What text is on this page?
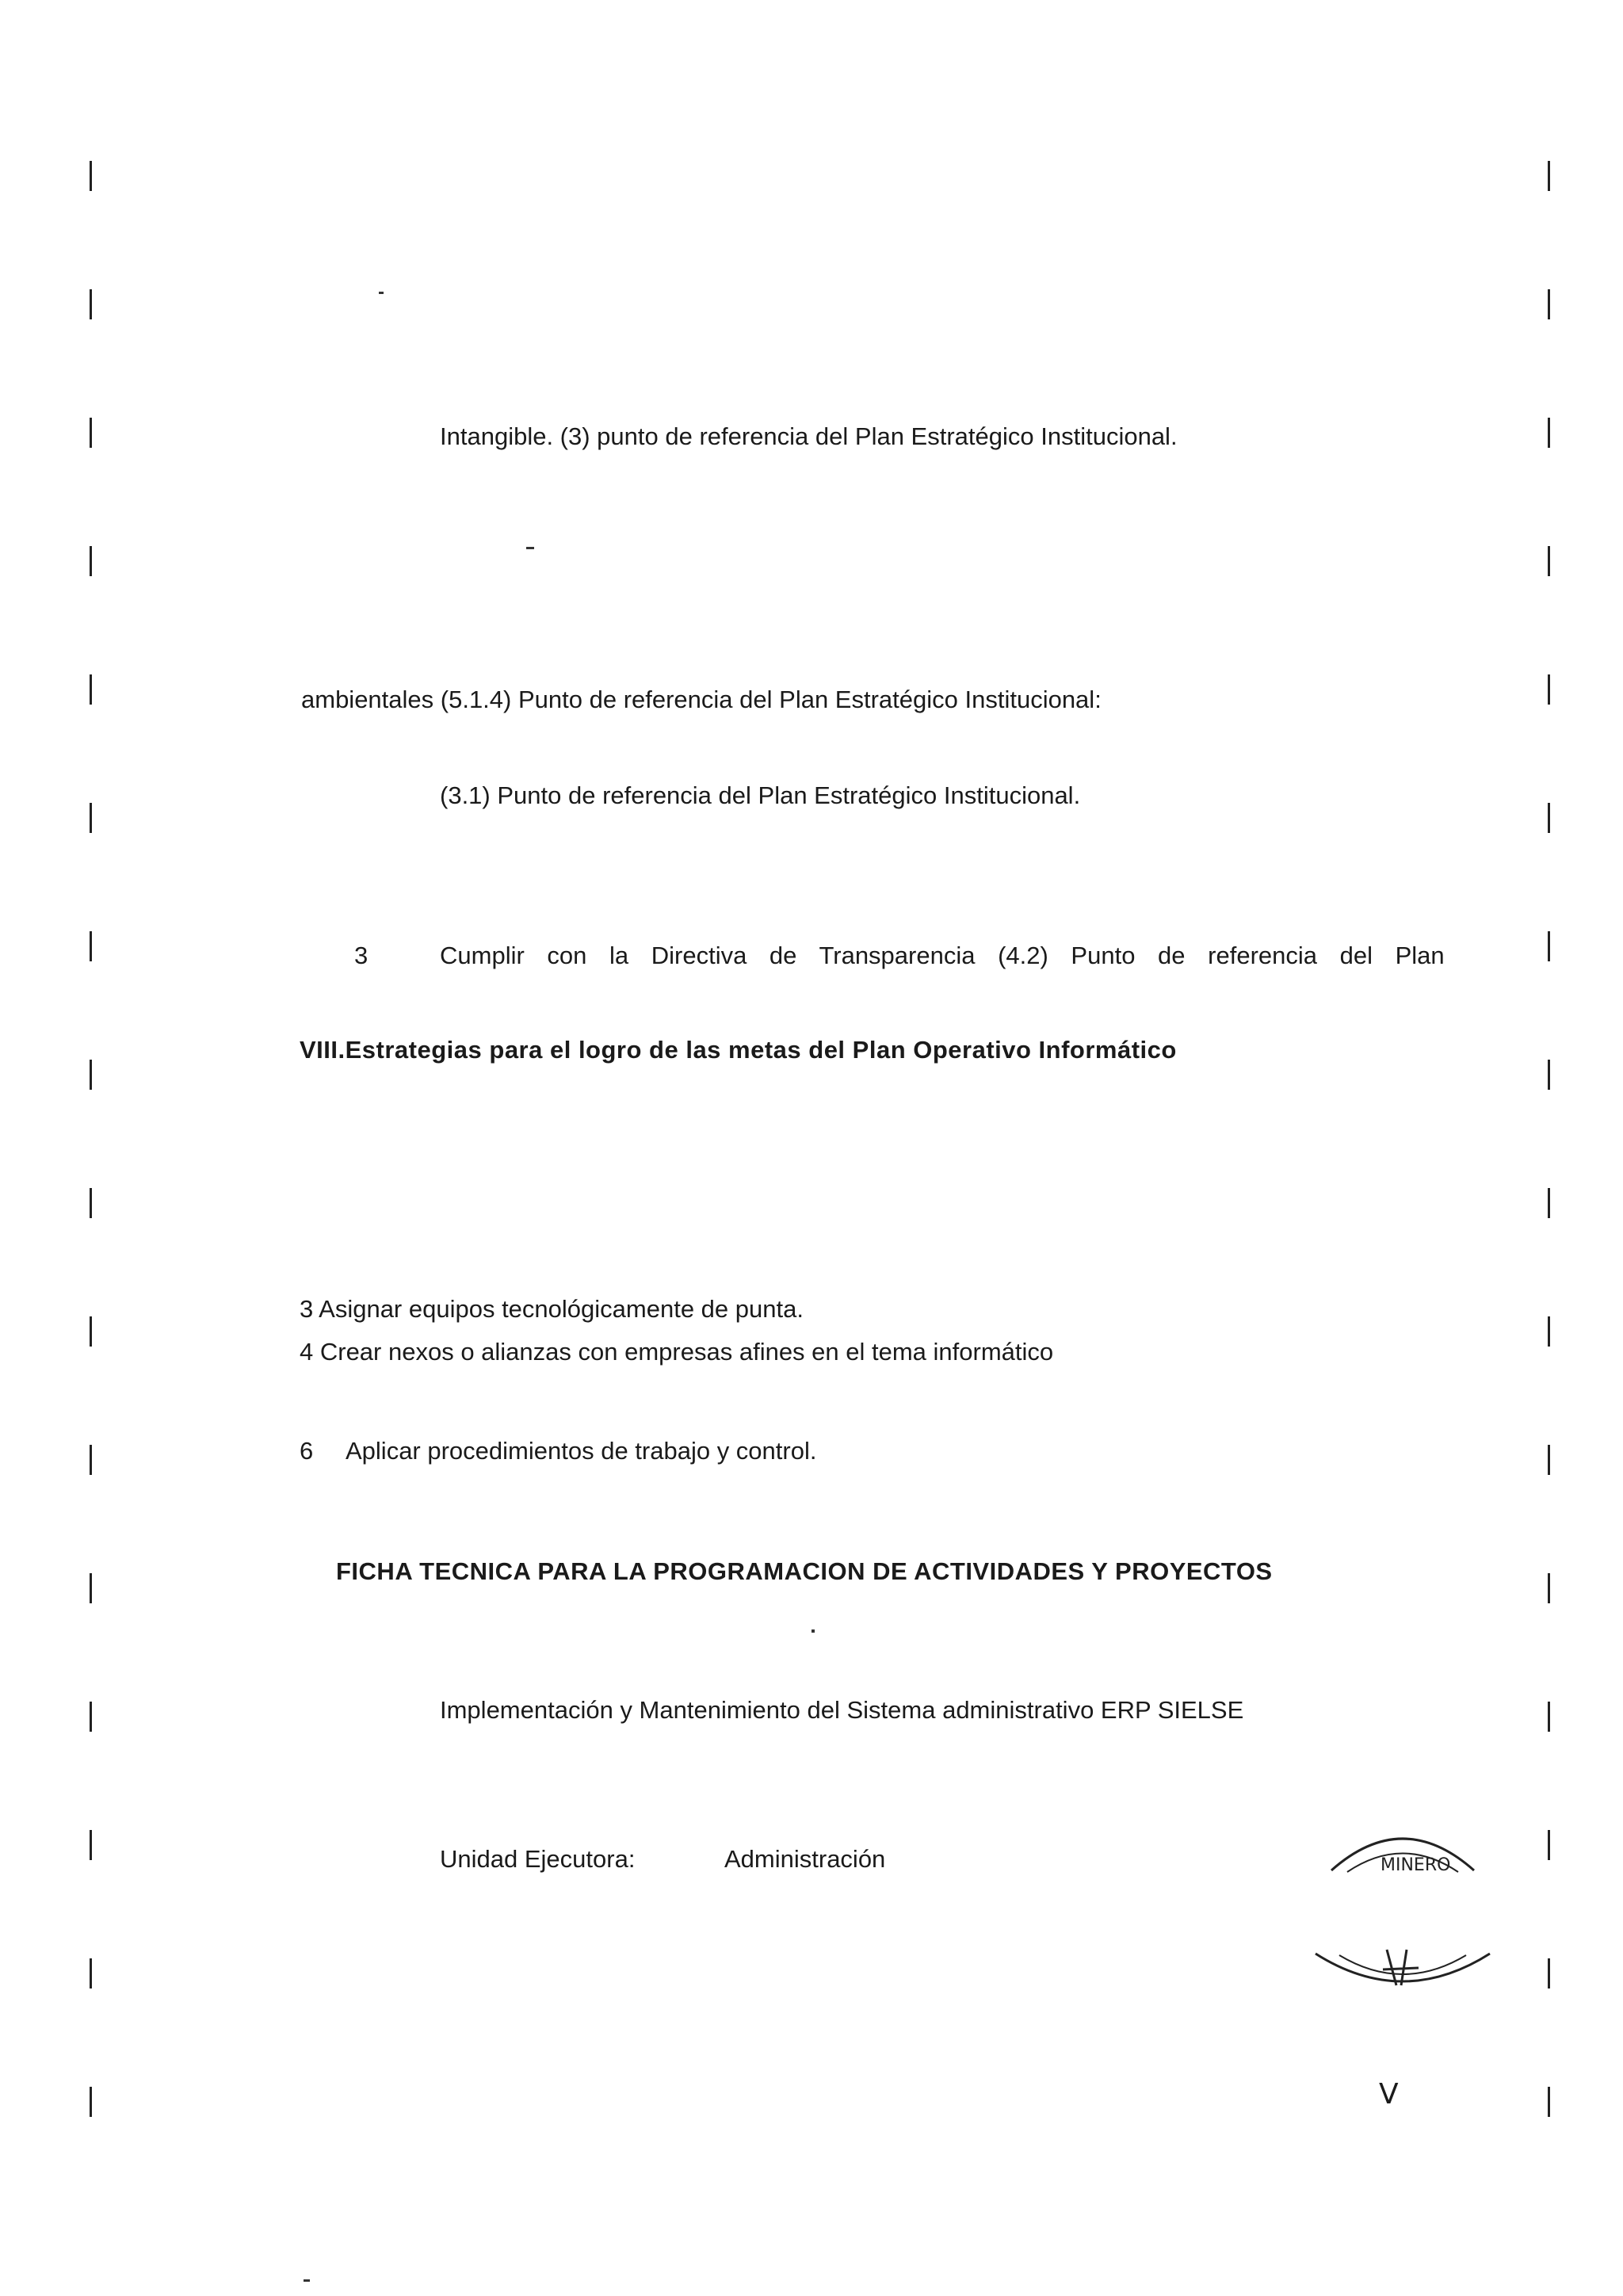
Intangible. (3) punto de referencia del Plan Estratégico Institucional.
ambientales (5.1.4) Punto de referencia del Plan Estratégico Institucional:
(3.1) Punto de referencia del Plan Estratégico Institucional.
3	Cumplir con la Directiva de Transparencia (4.2) Punto de referencia del Plan
VIII.Estrategias para el logro de las metas del Plan Operativo Informático
3 Asignar equipos tecnológicamente de punta.
4 Crear nexos o alianzas con empresas afines en el tema informático
6 Aplicar procedimientos de trabajo y control.
FICHA TECNICA PARA LA PROGRAMACION DE ACTIVIDADES Y PROYECTOS
Implementación y Mantenimiento del Sistema administrativo ERP SIELSE
Unidad Ejecutora:	Administración	MINERO
V
